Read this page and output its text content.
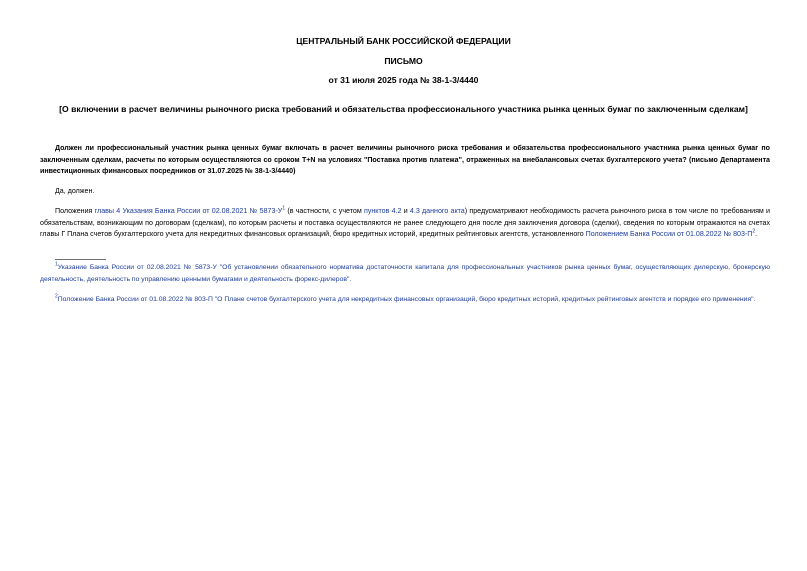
ЦЕНТРАЛЬНЫЙ БАНК РОССИЙСКОЙ ФЕДЕРАЦИИ
ПИСЬМО
от 31 июля 2025 года № 38-1-3/4440
[О включении в расчет величины рыночного риска требований и обязательства профессионального участника рынка ценных бумаг по заключенным сделкам]
Должен ли профессиональный участник рынка ценных бумаг включать в расчет величины рыночного риска требования и обязательства профессионального участника рынка ценных бумаг по заключенным сделкам, расчеты по которым осуществляются со сроком T+N на условиях "Поставка против платежа", отраженных на внебалансовых счетах бухгалтерского учета? (письмо Департамента инвестиционных финансовых посредников от 31.07.2025 № 38-1-3/4440)
Да, должен.
Положения главы 4 Указания Банка России от 02.08.2021 № 5873-У$^1$ (в частности, с учетом пунктов 4.2 и 4.3 данного акта) предусматривают необходимость расчета рыночного риска в том числе по требованиям и обязательствам, возникающим по договорам (сделкам), по которым расчеты и поставка осуществляются не ранее следующего дня после дня заключения договора (сделки), сведения по которым отражаются на счетах главы Г Плана счетов бухгалтерского учета для некредитных финансовых организаций, бюро кредитных историй, кредитных рейтинговых агентств, установленного Положением Банка России от 01.08.2022 № 803-П$^2$.
$^1$Указание Банка России от 02.08.2021 № 5873-У "Об установлении обязательного норматива достаточности капитала для профессиональных участников рынка ценных бумаг, осуществляющих дилерскую, брокерскую деятельность, деятельность по управлению ценными бумагами и деятельность форекс-дилеров".
$^2$Положение Банка России от 01.08.2022 № 803-П "О Плане счетов бухгалтерского учета для некредитных финансовых организаций, бюро кредитных историй, кредитных рейтинговых агентств и порядке его применения".
